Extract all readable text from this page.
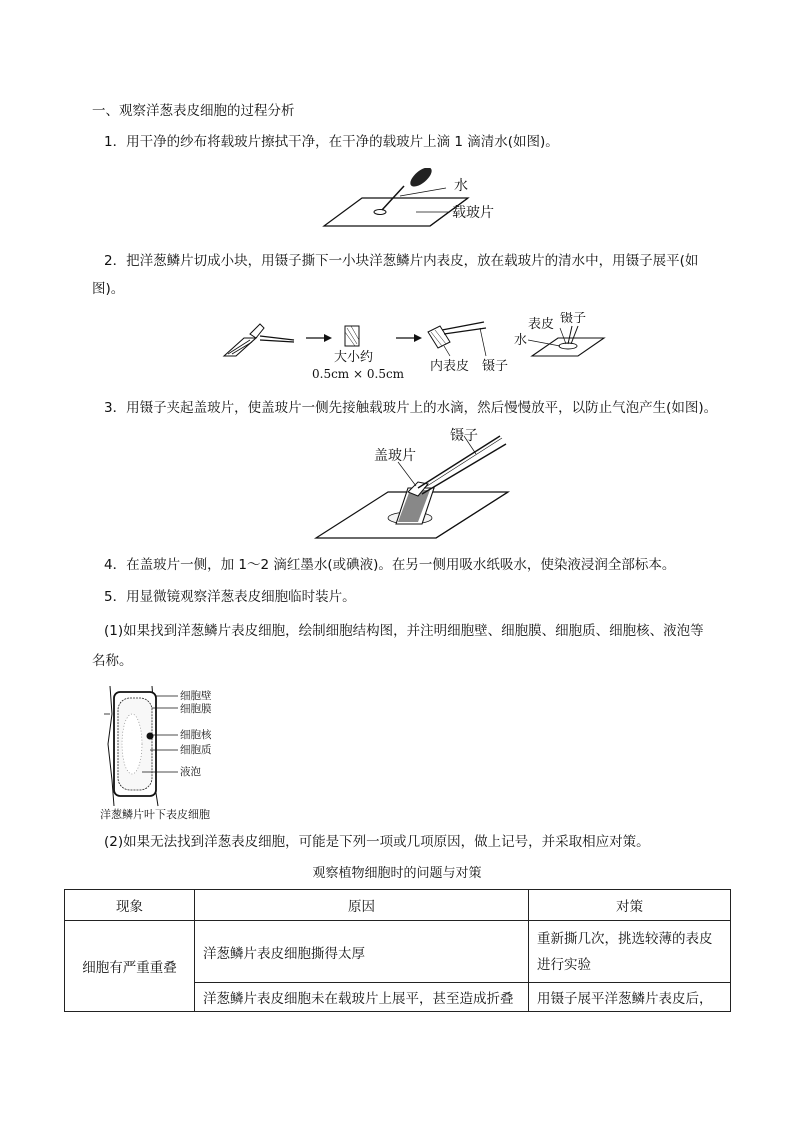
一、观察洋葱表皮细胞的过程分析
1．用干净的纱布将载玻片擦拭干净，在干净的载玻片上滴 1 滴清水(如图)。
水
载玻片
2．把洋葱鳞片切成小块，用镊子撕下一小块洋葱鳞片内表皮，放在载玻片的清水中，用镊子展平(如
图)。
大小约
0.5cm × 0.5cm 内表皮 镊子
水
表皮 镊子
3．用镊子夹起盖玻片，使盖玻片一侧先接触载玻片上的水滴，然后慢慢放平，以防止气泡产生(如图)。
镊子
盖玻片
4．在盖玻片一侧，加 1～2 滴红墨水(或碘液)。在另一侧用吸水纸吸水，使染液浸润全部标本。
5．用显微镜观察洋葱表皮细胞临时装片。
(1)如果找到洋葱鳞片表皮细胞，绘制细胞结构图，并注明细胞壁、细胞膜、细胞质、细胞核、液泡等
名称。
细胞壁
细胞膜
细胞核
细胞质
液泡
洋葱鳞片叶下表皮细胞
(2)如果无法找到洋葱表皮细胞，可能是下列一项或几项原因，做上记号，并采取相应对策。
观察植物细胞时的问题与对策
现象	原因	对策
细胞有严重重叠	洋葱鳞片表皮细胞撕得太厚	重新撕几次，挑选较薄的表皮进行实验
	洋葱鳞片表皮细胞未在载玻片上展平，甚至造成折叠	用镊子展平洋葱鳞片表皮后，
